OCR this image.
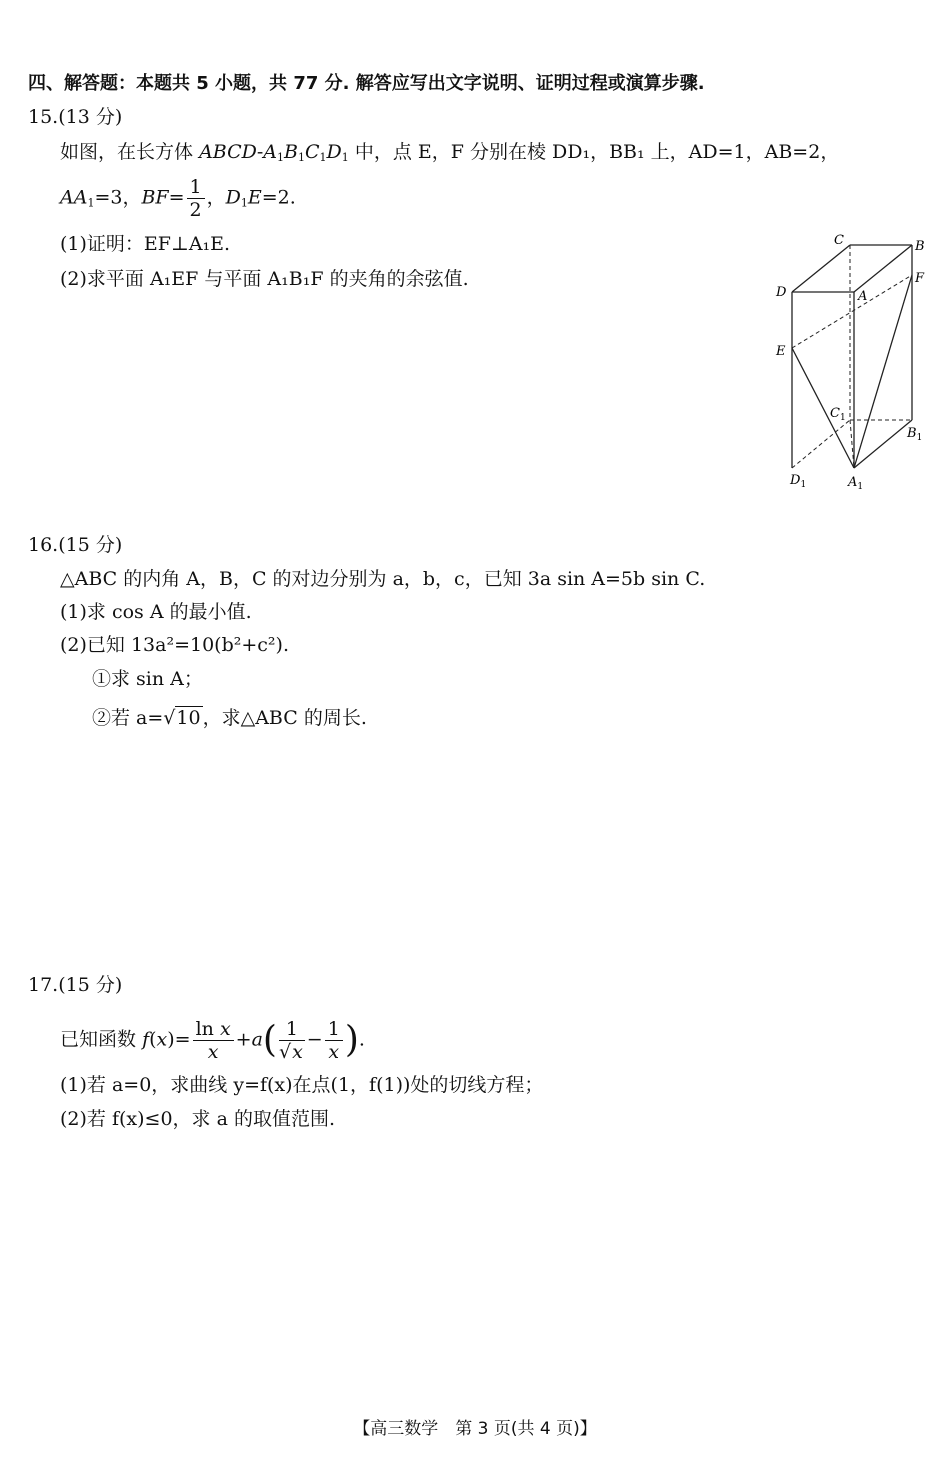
四、解答题：本题共 5 小题，共 77 分. 解答应写出文字说明、证明过程或演算步骤.
15.(13 分)
如图，在长方体 ABCD-$A_1B_1C_1D_1$ 中，点 E，F 分别在棱 DD₁，BB₁ 上，AD=1，AB=2，
$AA_1=3$，$BF= \frac{1}{2}$ ，$D_1E=2$.
(1)证明：EF⊥A₁E.
(2)求平面 A₁EF 与平面 A₁B₁F 的夹角的余弦值.
C	B
D	A
F
E
$C_1$
$B_1$
$D_1$	$A_1$
16.(15 分)
△ABC 的内角 A，B，C 的对边分别为 a，b，c，已知 3a sin A=5b sin C.
(1)求 cos A 的最小值.
(2)已知 13a²=10(b²+c²).
①求 sin A；
②若 a=√10 ，求△ABC 的周长.
17.(15 分)
已知函数 $f(x)= \frac{\text{ln x}}{x} +a( \frac{1}{√x} - \frac{1}{x}$ ).
(1)若 a=0，求曲线 y=f(x)在点(1，f(1))处的切线方程；
(2)若 f(x)≤0，求 a 的取值范围.
【高三数学　第 3 页(共 4 页)】
